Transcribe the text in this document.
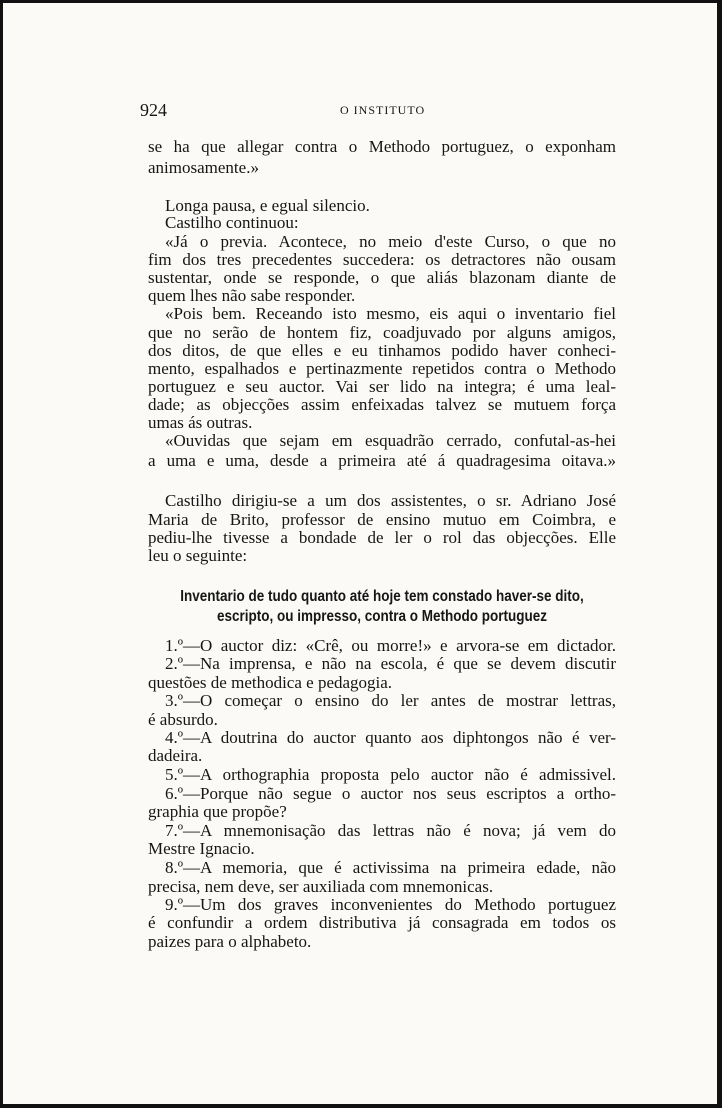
924	O INSTITUTO
se ha que allegar contra o Methodo portuguez, o exponham
animosamente.»
Longa pausa, e egual silencio.
Castilho continuou:
«Já o previa. Acontece, no meio d'este Curso, o que no
fim dos tres precedentes succedera: os detractores não ousam
sustentar, onde se responde, o que aliás blazonam diante de
quem lhes não sabe responder.
«Pois bem. Receando isto mesmo, eis aqui o inventario fiel
que no serão de hontem fiz, coadjuvado por alguns amigos,
dos ditos, de que elles e eu tinhamos podido haver conheci-
mento, espalhados e pertinazmente repetidos contra o Methodo
portuguez e seu auctor. Vai ser lido na integra; é uma leal-
dade; as objecções assim enfeixadas talvez se mutuem força
umas ás outras.
«Ouvidas que sejam em esquadrão cerrado, confutal-as-hei
a uma e uma, desde a primeira até á quadragesima oitava.»
Castilho dirigiu-se a um dos assistentes, o sr. Adriano José
Maria de Brito, professor de ensino mutuo em Coimbra, e
pediu-lhe tivesse a bondade de ler o rol das objecções. Elle
leu o seguinte:
Inventario de tudo quanto até hoje tem constado haver-se dito,
escripto, ou impresso, contra o Methodo portuguez
1.º—O auctor diz: «Crê, ou morre!» e arvora-se em dictador.
2.º—Na imprensa, e não na escola, é que se devem discutir
questões de methodica e pedagogia.
3.º—O começar o ensino do ler antes de mostrar lettras,
é absurdo.
4.º—A doutrina do auctor quanto aos diphtongos não é ver-
dadeira.
5.º—A orthographia proposta pelo auctor não é admissivel.
6.º—Porque não segue o auctor nos seus escriptos a ortho-
graphia que propõe?
7.º—A mnemonisação das lettras não é nova; já vem do
Mestre Ignacio.
8.º—A memoria, que é activissima na primeira edade, não
precisa, nem deve, ser auxiliada com mnemonicas.
9.º—Um dos graves inconvenientes do Methodo portuguez
é confundir a ordem distributiva já consagrada em todos os
paizes para o alphabeto.
